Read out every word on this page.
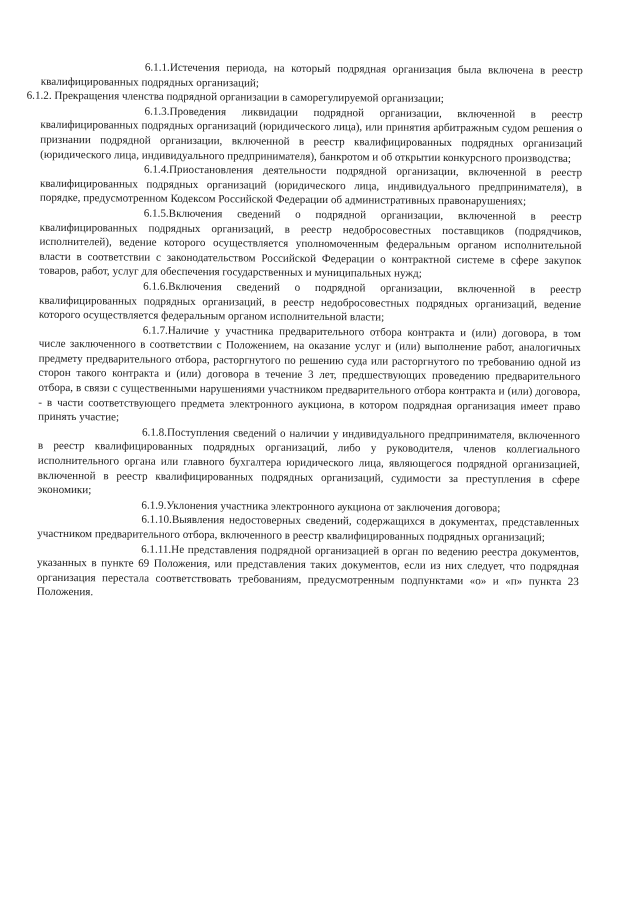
6.1.1.Истечения периода, на который подрядная организация была включена в реестр квалифицированных подрядных организаций;

6.1.2. Прекращения членства подрядной организации в саморегулируемой организации;

6.1.3.Проведения ликвидации подрядной организации, включенной в реестр квалифицированных подрядных организаций (юридического лица), или принятия арбитражным судом решения о признании подрядной организации, включенной в реестр квалифицированных подрядных организаций (юридического лица, индивидуального предпринимателя), банкротом и об открытии конкурсного производства;

6.1.4.Приостановления деятельности подрядной организации, включенной в реестр квалифицированных подрядных организаций (юридического лица, индивидуального предпринимателя), в порядке, предусмотренном Кодексом Российской Федерации об административных правонарушениях;

6.1.5.Включения сведений о подрядной организации, включенной в реестр квалифицированных подрядных организаций, в реестр недобросовестных поставщиков (подрядчиков, исполнителей), ведение которого осуществляется уполномоченным федеральным органом исполнительной власти в соответствии с законодательством Российской Федерации о контрактной системе в сфере закупок товаров, работ, услуг для обеспечения государственных и муниципальных нужд;

6.1.6.Включения сведений о подрядной организации, включенной в реестр квалифицированных подрядных организаций, в реестр недобросовестных подрядных организаций, ведение которого осуществляется федеральным органом исполнительной власти;

6.1.7.Наличие у участника предварительного отбора контракта и (или) договора, в том числе заключенного в соответствии с Положением, на оказание услуг и (или) выполнение работ, аналогичных предмету предварительного отбора, расторгнутого по решению суда или расторгнутого по требованию одной из сторон такого контракта и (или) договора в течение 3 лет, предшествующих проведению предварительного отбора, в связи с существенными нарушениями участником предварительного отбора контракта и (или) договора, - в части соответствующего предмета электронного аукциона, в котором подрядная организация имеет право принять участие;

6.1.8.Поступления сведений о наличии у индивидуального предпринимателя, включенного в реестр квалифицированных подрядных организаций, либо у руководителя, членов коллегиального исполнительного органа или главного бухгалтера юридического лица, являющегося подрядной организацией, включенной в реестр квалифицированных подрядных организаций, судимости за преступления в сфере экономики;

6.1.9.Уклонения участника электронного аукциона от заключения договора;

6.1.10.Выявления недостоверных сведений, содержащихся в документах, представленных участником предварительного отбора, включенного в реестр квалифицированных подрядных организаций;

6.1.11.Не представления подрядной организацией в орган по ведению реестра документов, указанных в пункте 69 Положения, или представления таких документов, если из них следует, что подрядная организация перестала соответствовать требованиям, предусмотренным подпунктами «о» и «п» пункта 23 Положения.
